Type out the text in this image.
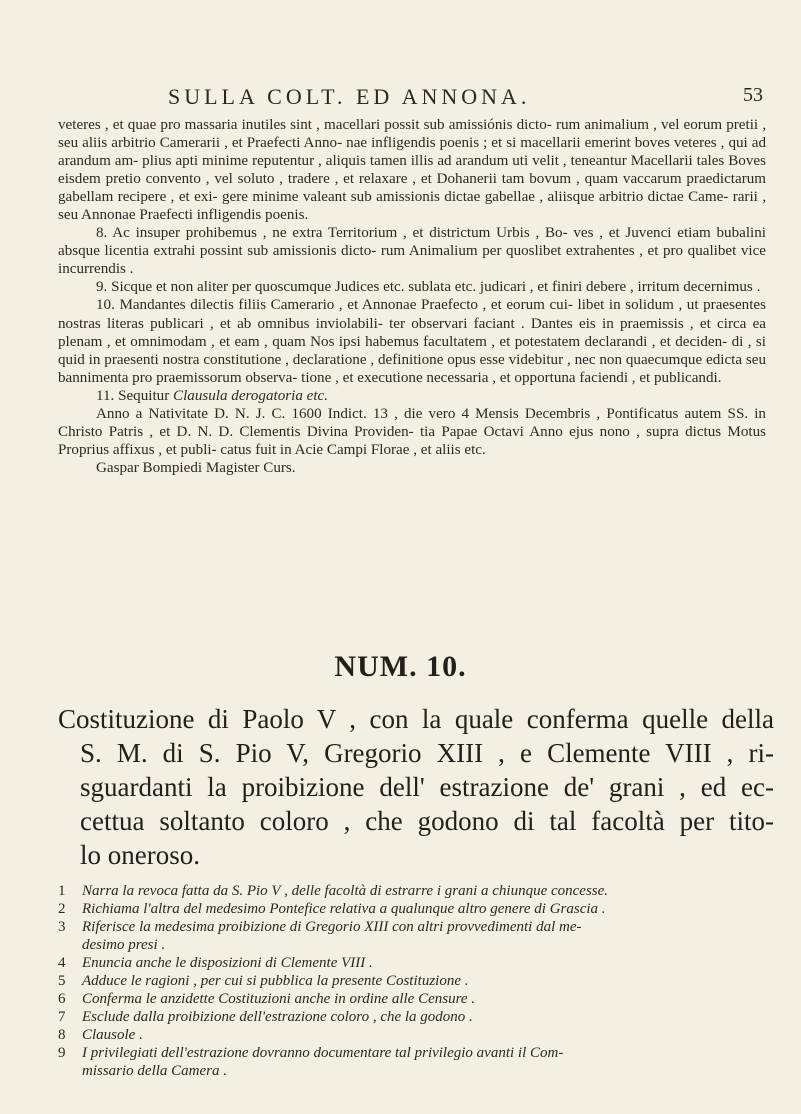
SULLA COLT. ED ANNONA.	53

veteres , et quae pro massaria inutiles sint , macellari possit sub amissiónis dicto- rum animalium , vel eorum pretii , seu aliis arbitrio Camerarii , et Praefecti Anno- nae infligendis poenis ; et si macellarii emerint boves veteres , qui ad arandum am- plius apti minime reputentur , aliquis tamen illis ad arandum uti velit , teneantur Macellarii tales Boves eisdem pretio convento , vel soluto , tradere , et relaxare , et Dohanerii tam bovum , quam vaccarum praedictarum gabellam recipere , et exi- gere minime valeant sub amissionis dictae gabellae , aliisque arbitrio dictae Came- rarii , seu Annonae Praefecti infligendis poenis.

8. Ac insuper prohibemus , ne extra Territorium , et districtum Urbis , Bo- ves , et Juvenci etiam bubalini absque licentia extrahi possint sub amissionis dicto- rum Animalium per quoslibet extrahentes , et pro qualibet vice incurrendis .

9. Sicque et non aliter per quoscumque Judices etc. sublata etc. judicari , et finiri debere , irritum decernimus .

10. Mandantes dilectis filiis Camerario , et Annonae Praefecto , et eorum cui- libet in solidum , ut praesentes nostras literas publicari , et ab omnibus inviolabili- ter observari faciant . Dantes eis in praemissis , et circa ea plenam , et omnimodam , et eam , quam Nos ipsi habemus facultatem , et potestatem declarandi , et deciden- di , si quid in praesenti nostra constitutione , declaratione , definitione opus esse videbitur , nec non quaecumque edicta seu bannimenta pro praemissorum observa- tione , et executione necessaria , et opportuna faciendi , et publicandi.

11. Sequitur Clausula derogatoria etc.

Anno a Nativitate D. N. J. C. 1600 Indict. 13 , die vero 4 Mensis Decembris , Pontificatus autem SS. in Christo Patris , et D. N. D. Clementis Divina Providen- tia Papae Octavi Anno ejus nono , supra dictus Motus Proprius affixus , et publi- catus fuit in Acie Campi Florae , et aliis etc.

Gaspar Bompiedi Magister Curs.

NUM. 10.

Costituzione di Paolo V , con la quale conferma quelle della

S. M. di S. Pio V, Gregorio XIII , e Clemente VIII , ri-

sguardanti la proibizione dell' estrazione de' grani , ed ec-

cettua soltanto coloro , che godono di tal facoltà per tito-

lo oneroso.

1	Narra la revoca fatta da S. Pio V , delle facoltà di estrarre i grani a chiunque concesse.
2	Richiama l'altra del medesimo Pontefice relativa a qualunque altro genere di Grascia .
3	Riferisce la medesima proibizione di Gregorio XIII con altri provvedimenti dal me-
desimo presi .
4	Enuncia anche le disposizioni di Clemente VIII .
5	Adduce le ragioni , per cui si pubblica la presente Costituzione .
6	Conferma le anzidette Costituzioni anche in ordine alle Censure .
7	Esclude dalla proibizione dell'estrazione coloro , che la godono .
8	Clausole .
9	I privilegiati dell'estrazione dovranno documentare tal privilegio avanti il Com-
missario della Camera .
